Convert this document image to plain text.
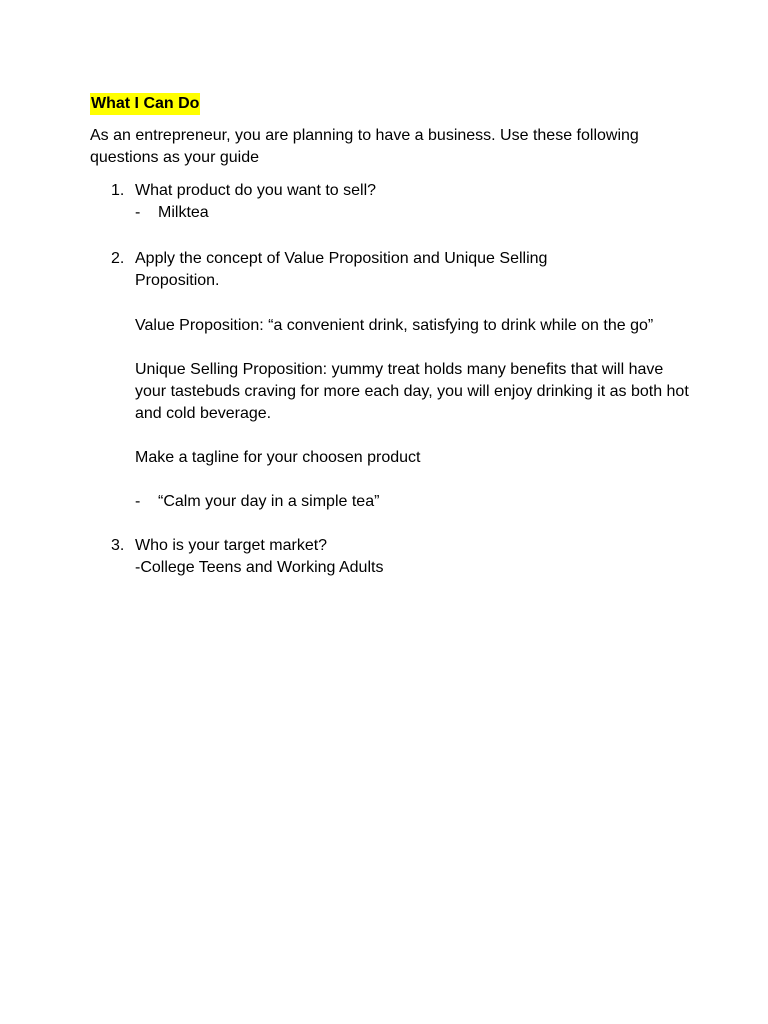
What I Can Do
As an entrepreneur, you are planning to have a business. Use these following questions as your guide
1. What product do you want to sell?
- Milktea
2. Apply the concept of Value Proposition and Unique Selling Proposition.
Value Proposition: “a convenient drink, satisfying to drink while on the go”
Unique Selling Proposition: yummy treat holds many benefits that will have your tastebuds craving for more each day, you will enjoy drinking it as both hot and cold beverage.
Make a tagline for your choosen product
- “Calm your day in a simple tea”
3. Who is your target market?
-College Teens and Working Adults
